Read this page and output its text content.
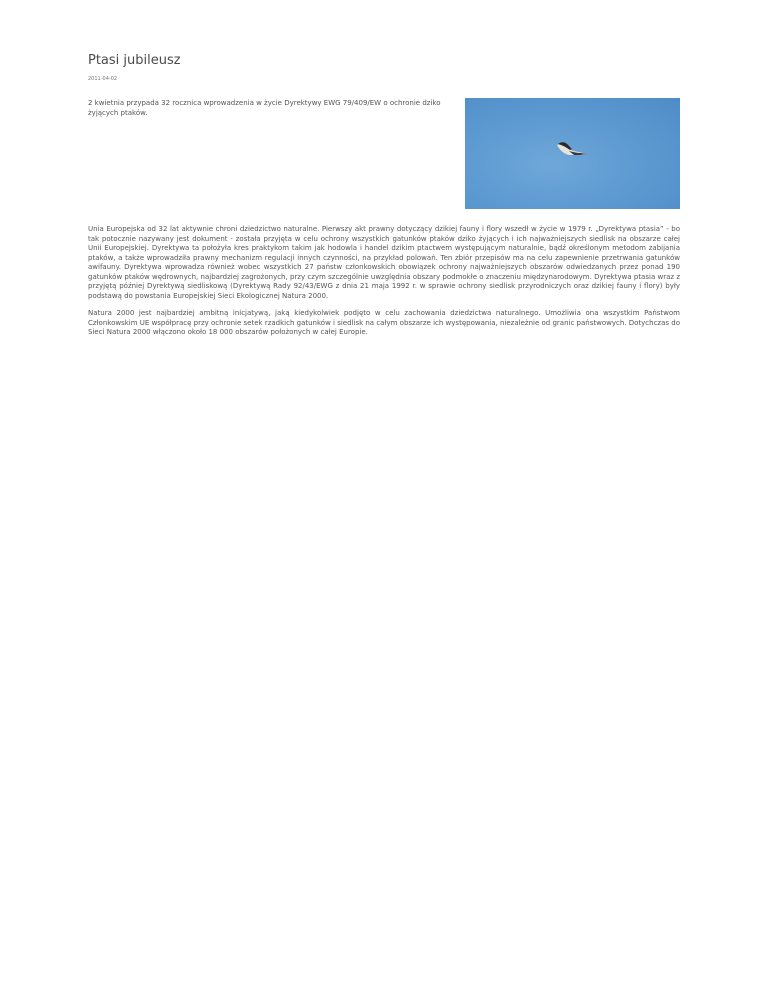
Ptasi jubileusz
2011-04-02
2 kwietnia przypada 32 rocznica wprowadzenia w życie Dyrektywy EWG 79/409/EW o ochronie dziko żyjących ptaków.

Unia Europejska od 32 lat aktywnie chroni dziedzictwo naturalne. Pierwszy akt prawny dotyczący dzikiej fauny i flory wszedł w życie w 1979 r. „Dyrektywa ptasia” - bo tak potocznie nazywany jest dokument - została przyjęta w celu ochrony wszystkich gatunków ptaków dziko żyjących i ich najważniejszych siedlisk na obszarze całej Unii Europejskiej. Dyrektywa ta położyła kres praktykom takim jak hodowla i handel dzikim ptactwem występującym naturalnie, bądź określonym metodom zabijania ptaków, a także wprowadziła prawny mechanizm regulacji innych czynności, na przykład polowań. Ten zbiór przepisów ma na celu zapewnienie przetrwania gatunków awifauny. Dyrektywa wprowadza również wobec wszystkich 27 państw członkowskich obowiązek ochrony najważniejszych obszarów odwiedzanych przez ponad 190 gatunków ptaków wędrownych, najbardziej zagrożonych, przy czym szczególnie uwzględnia obszary podmokłe o znaczeniu międzynarodowym. Dyrektywa ptasia wraz z przyjętą później Dyrektywą siedliskową (Dyrektywą Rady 92/43/EWG z dnia 21 maja 1992 r. w sprawie ochrony siedlisk przyrodniczych oraz dzikiej fauny i flory) były podstawą do powstania Europejskiej Sieci Ekologicznej Natura 2000.

Natura 2000 jest najbardziej ambitną inicjatywą, jaką kiedykolwiek podjęto w celu zachowania dziedzictwa naturalnego. Umożliwia ona wszystkim Państwom Członkowskim UE współpracę przy ochronie setek rzadkich gatunków i siedlisk na całym obszarze ich występowania, niezależnie od granic państwowych. Dotychczas do Sieci Natura 2000 włączono około 18 000 obszarów położonych w całej Europie.
